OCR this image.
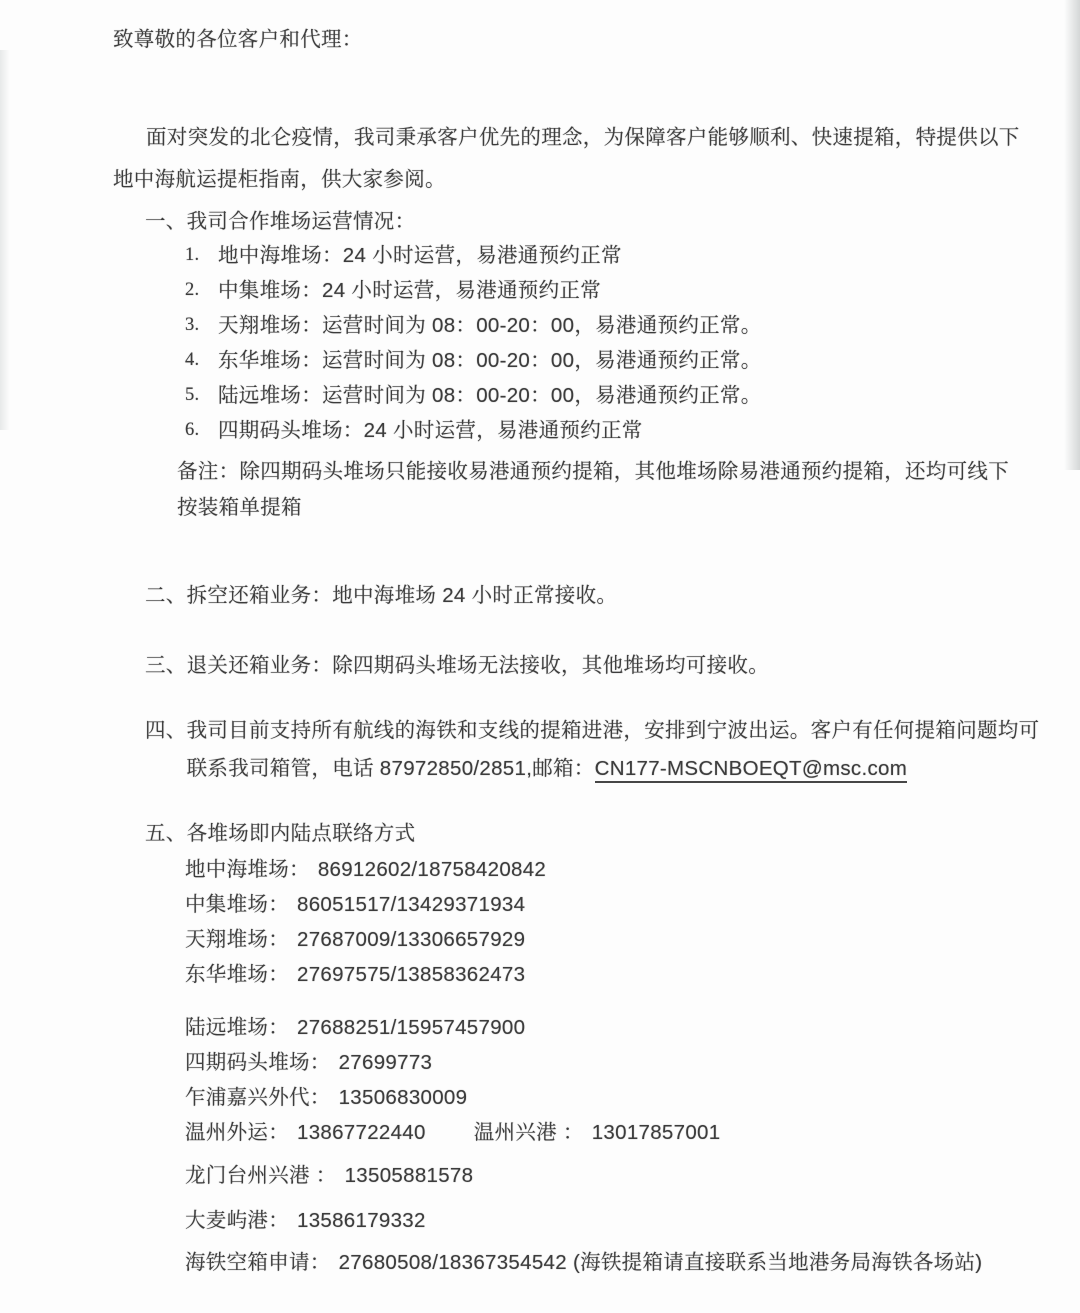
致尊敬的各位客户和代理：
面对突发的北仑疫情，我司秉承客户优先的理念，为保障客户能够顺利、快速提箱，特提供以下地中海航运提柜指南，供大家参阅。
一、 我司合作堆场运营情况：
1. 地中海堆场：24 小时运营，易港通预约正常
2. 中集堆场：24 小时运营，易港通预约正常
3. 天翔堆场：运营时间为 08：00-20：00，易港通预约正常。
4. 东华堆场：运营时间为 08：00-20：00，易港通预约正常。
5. 陆远堆场：运营时间为 08：00-20：00，易港通预约正常。
6. 四期码头堆场：24 小时运营，易港通预约正常
备注：除四期码头堆场只能接收易港通预约提箱，其他堆场除易港通预约提箱，还均可线下按装箱单提箱
二、 拆空还箱业务：地中海堆场 24 小时正常接收。
三、 退关还箱业务：除四期码头堆场无法接收，其他堆场均可接收。
四、 我司目前支持所有航线的海铁和支线的提箱进港，安排到宁波出运。客户有任何提箱问题均可联系我司箱管，电话 87972850/2851,邮箱：CN177-MSCNBOEQT@msc.com
五、 各堆场即内陆点联络方式
地中海堆场： 86912602/18758420842
中集堆场： 86051517/13429371934
天翔堆场： 27687009/13306657929
东华堆场： 27697575/13858362473
陆远堆场： 27688251/15957457900
四期码头堆场： 27699773
乍浦嘉兴外代： 13506830009
温州外运： 13867722440 温州兴港 ： 13017857001
龙门台州兴港 ： 13505881578
大麦屿港： 13586179332
海铁空箱申请： 27680508/18367354542 (海铁提箱请直接联系当地港务局海铁各场站)
